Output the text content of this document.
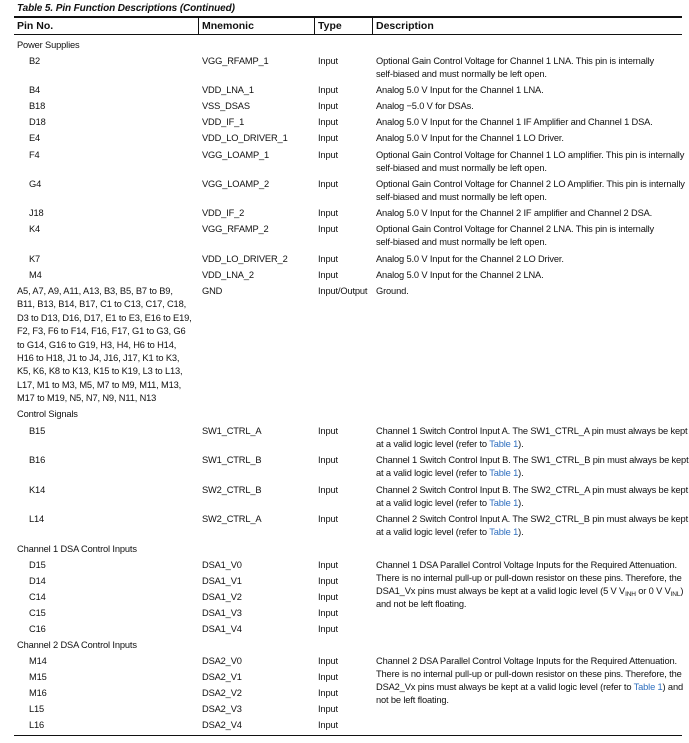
Table 5. Pin Function Descriptions (Continued)
Pin No.	Mnemonic	Type	Description
Power Supplies
B2	VGG_RFAMP_1	Input	Optional Gain Control Voltage for Channel 1 LNA. This pin is internally
self-biased and must normally be left open.
B4	VDD_LNA_1	Input	Analog 5.0 V Input for the Channel 1 LNA.
B18	VSS_DSAS	Input	Analog −5.0 V for DSAs.
D18	VDD_IF_1	Input	Analog 5.0 V Input for the Channel 1 IF Amplifier and Channel 1 DSA.
E4	VDD_LO_DRIVER_1	Input	Analog 5.0 V Input for the Channel 1 LO Driver.
F4	VGG_LOAMP_1	Input	Optional Gain Control Voltage for Channel 1 LO amplifier. This pin is internally
self-biased and must normally be left open.
G4	VGG_LOAMP_2	Input	Optional Gain Control Voltage for Channel 2 LO Amplifier. This pin is internally
self-biased and must normally be left open.
J18	VDD_IF_2	Input	Analog 5.0 V Input for the Channel 2 IF amplifier and Channel 2 DSA.
K4	VGG_RFAMP_2	Input	Optional Gain Control Voltage for Channel 2 LNA. This pin is internally
self-biased and must normally be left open.
K7	VDD_LO_DRIVER_2	Input	Analog 5.0 V Input for the Channel 2 LO Driver.
M4	VDD_LNA_2	Input	Analog 5.0 V Input for the Channel 2 LNA.
A5, A7, A9, A11, A13, B3, B5, B7 to B9,
B11, B13, B14, B17, C1 to C13, C17, C18,
D3 to D13, D16, D17, E1 to E3, E16 to E19,
F2, F3, F6 to F14, F16, F17, G1 to G3, G6
to G14, G16 to G19, H3, H4, H6 to H14,
H16 to H18, J1 to J4, J16, J17, K1 to K3,
K5, K6, K8 to K13, K15 to K19, L3 to L13,
L17, M1 to M3, M5, M7 to M9, M11, M13,
M17 to M19, N5, N7, N9, N11, N13
GND	Input/Output Ground.
Control Signals
B15	SW1_CTRL_A	Input	Channel 1 Switch Control Input A. The SW1_CTRL_A pin must always be kept
at a valid logic level (refer to Table 1).
B16	SW1_CTRL_B	Input	Channel 1 Switch Control Input B. The SW1_CTRL_B pin must always be kept
at a valid logic level (refer to Table 1).
K14	SW2_CTRL_B	Input	Channel 2 Switch Control Input B. The SW2_CTRL_A pin must always be kept
at a valid logic level (refer to Table 1).
L14	SW2_CTRL_A	Input	Channel 2 Switch Control Input A. The SW2_CTRL_B pin must always be kept
at a valid logic level (refer to Table 1).
Channel 1 DSA Control Inputs
D15	DSA1_V0	Input
D14	DSA1_V1	Input
C14	DSA1_V2	Input
C15	DSA1_V3	Input
C16	DSA1_V4	Input
Channel 1 DSA Parallel Control Voltage Inputs for the Required Attenuation.
There is no internal pull-up or pull-down resistor on these pins. Therefore, the
DSA1_Vx pins must always be kept at a valid logic level (5 V $V_{INH}$ or 0 V $V_{INL}$)
and not be left floating.
Channel 2 DSA Control Inputs
M14	DSA2_V0	Input
M15	DSA2_V1	Input
M16	DSA2_V2	Input
L15	DSA2_V3	Input
L16	DSA2_V4	Input
Channel 2 DSA Parallel Control Voltage Inputs for the Required Attenuation.
There is no internal pull-up or pull-down resistor on these pins. Therefore, the
DSA2_Vx pins must always be kept at a valid logic level (refer to Table 1) and
not be left floating.
